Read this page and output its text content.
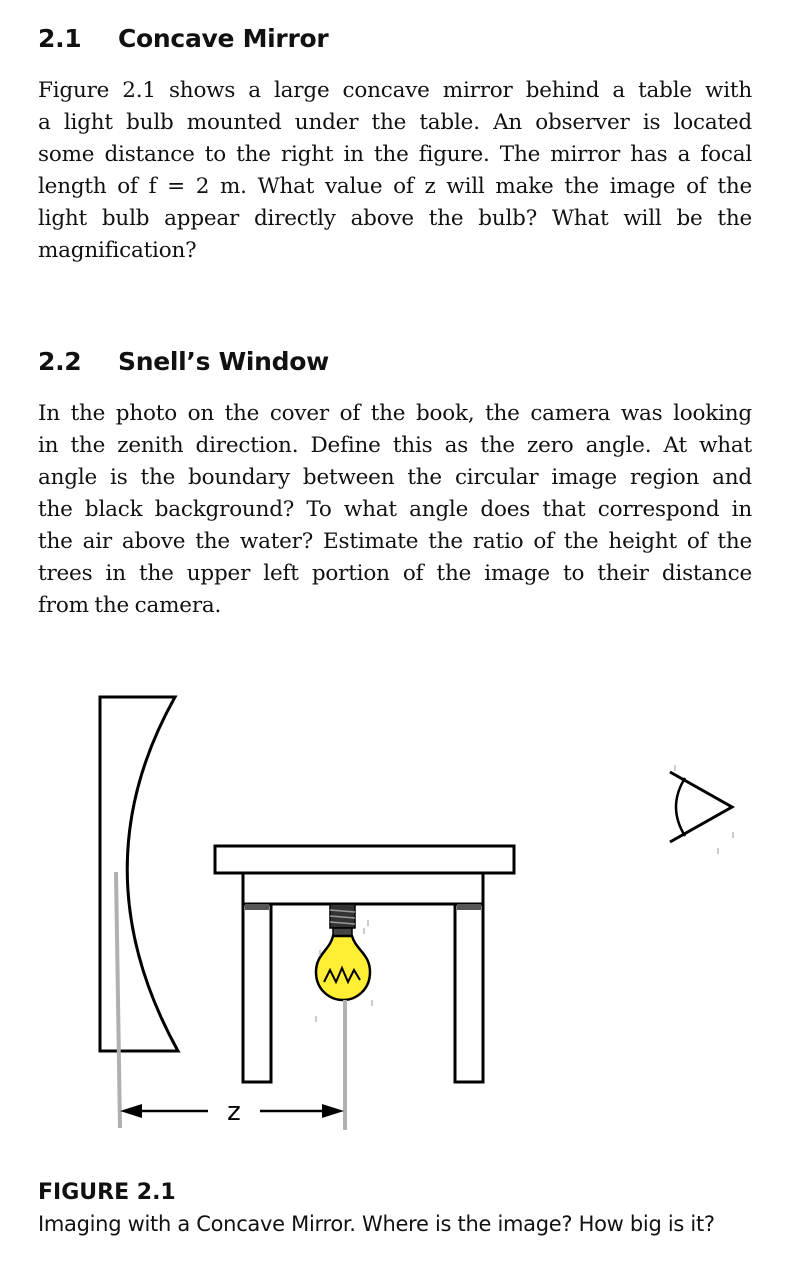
2.1 Concave Mirror
Figure 2.1 shows a large concave mirror behind a table with
a light bulb mounted under the table. An observer is located
some distance to the right in the figure. The mirror has a focal
length of f = 2 m. What value of z will make the image of the
light bulb appear directly above the bulb? What will be the
magnification?
2.2 Snell’s Window
In the photo on the cover of the book, the camera was looking
in the zenith direction. Define this as the zero angle. At what
angle is the boundary between the circular image region and
the black background? To what angle does that correspond in
the air above the water? Estimate the ratio of the height of the
trees in the upper left portion of the image to their distance
from the camera.
z

FIGURE 2.1

Imaging with a Concave Mirror. Where is the image? How big is it?
